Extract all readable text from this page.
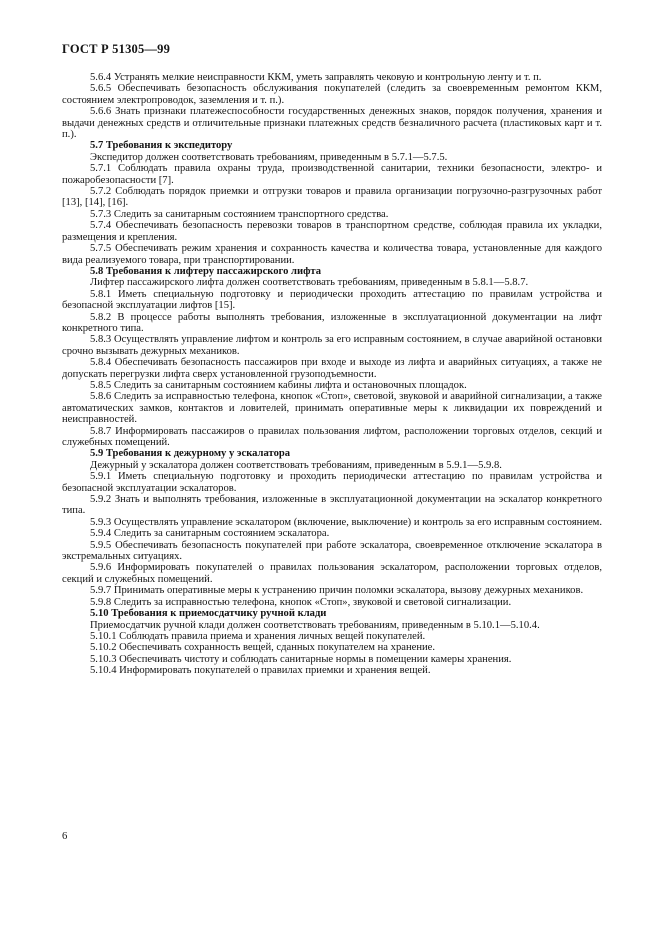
ГОСТ Р 51305—99

5.6.4 Устранять мелкие неисправности ККМ, уметь заправлять чековую и контрольную ленту и т. п.

5.6.5 Обеспечивать безопасность обслуживания покупателей (следить за своевременным ремонтом ККМ, состоянием электропроводок, заземления и т. п.).

5.6.6 Знать признаки платежеспособности государственных денежных знаков, порядок получения, хранения и выдачи денежных средств и отличительные признаки платежных средств безналичного расчета (пластиковых карт и т. п.).

5.7 Требования к экспедитору

Экспедитор должен соответствовать требованиям, приведенным в 5.7.1—5.7.5.

5.7.1 Соблюдать правила охраны труда, производственной санитарии, техники безопасности, электро- и пожаробезопасности [7].

5.7.2 Соблюдать порядок приемки и отгрузки товаров и правила организации погрузочно-разгрузочных работ [13], [14], [16].

5.7.3 Следить за санитарным состоянием транспортного средства.

5.7.4 Обеспечивать безопасность перевозки товаров в транспортном средстве, соблюдая правила их укладки, размещения и крепления.

5.7.5 Обеспечивать режим хранения и сохранность качества и количества товара, установленные для каждого вида реализуемого товара, при транспортировании.

5.8 Требования к лифтеру пассажирского лифта

Лифтер пассажирского лифта должен соответствовать требованиям, приведенным в 5.8.1—5.8.7.

5.8.1 Иметь специальную подготовку и периодически проходить аттестацию по правилам устройства и безопасной эксплуатации лифтов [15].

5.8.2 В процессе работы выполнять требования, изложенные в эксплуатационной документации на лифт конкретного типа.

5.8.3 Осуществлять управление лифтом и контроль за его исправным состоянием, в случае аварийной остановки срочно вызывать дежурных механиков.

5.8.4 Обеспечивать безопасность пассажиров при входе и выходе из лифта и аварийных ситуациях, а также не допускать перегрузки лифта сверх установленной грузоподъемности.

5.8.5 Следить за санитарным состоянием кабины лифта и остановочных площадок.

5.8.6 Следить за исправностью телефона, кнопок «Стоп», световой, звуковой и аварийной сигнализации, а также автоматических замков, контактов и ловителей, принимать оперативные меры к ликвидации их повреждений и неисправностей.

5.8.7 Информировать пассажиров о правилах пользования лифтом, расположении торговых отделов, секций и служебных помещений.

5.9 Требования к дежурному у эскалатора

Дежурный у эскалатора должен соответствовать требованиям, приведенным в 5.9.1—5.9.8.

5.9.1 Иметь специальную подготовку и проходить периодически аттестацию по правилам устройства и безопасной эксплуатации эскалаторов.

5.9.2 Знать и выполнять требования, изложенные в эксплуатационной документации на эскалатор конкретного типа.

5.9.3 Осуществлять управление эскалатором (включение, выключение) и контроль за его исправным состоянием.

5.9.4 Следить за санитарным состоянием эскалатора.

5.9.5 Обеспечивать безопасность покупателей при работе эскалатора, своевременное отключение эскалатора в экстремальных ситуациях.

5.9.6 Информировать покупателей о правилах пользования эскалатором, расположении торговых отделов, секций и служебных помещений.

5.9.7 Принимать оперативные меры к устранению причин поломки эскалатора, вызову дежурных механиков.

5.9.8 Следить за исправностью телефона, кнопок «Стоп», звуковой и световой сигнализации.

5.10 Требования к приемосдатчику ручной клади

Приемосдатчик ручной клади должен соответствовать требованиям, приведенным в 5.10.1—5.10.4.

5.10.1 Соблюдать правила приема и хранения личных вещей покупателей.

5.10.2 Обеспечивать сохранность вещей, сданных покупателем на хранение.

5.10.3 Обеспечивать чистоту и соблюдать санитарные нормы в помещении камеры хранения.

5.10.4 Информировать покупателей о правилах приемки и хранения вещей.

6
